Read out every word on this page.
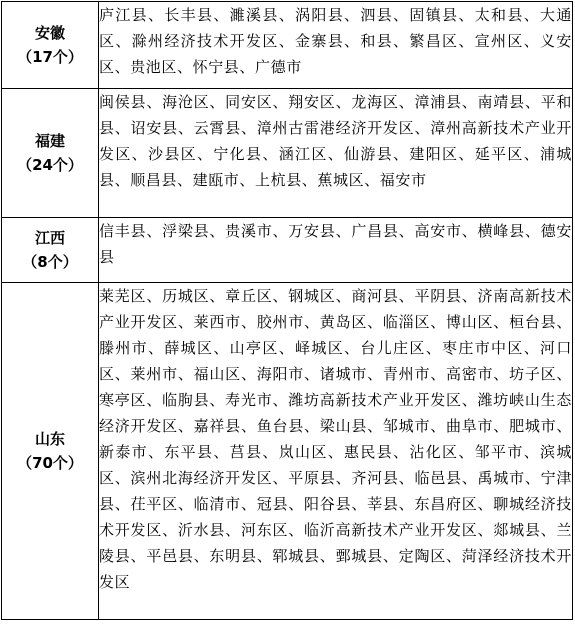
安徽
（17个）	庐江县、长丰县、濉溪县、涡阳县、泗县、固镇县、太和县、大通区、滁州经济技术开发区、金寨县、和县、繁昌区、宣州区、义安区、贵池区、怀宁县、广德市

福建
（24个）	闽侯县、海沧区、同安区、翔安区、龙海区、漳浦县、南靖县、平和县、诏安县、云霄县、漳州古雷港经济开发区、漳州高新技术产业开发区、沙县区、宁化县、涵江区、仙游县、建阳区、延平区、浦城县、顺昌县、建瓯市、上杭县、蕉城区、福安市

江西
（8个）	信丰县、浮梁县、贵溪市、万安县、广昌县、高安市、横峰县、德安县

山东
（70个）	莱芜区、历城区、章丘区、钢城区、商河县、平阴县、济南高新技术产业开发区、莱西市、胶州市、黄岛区、临淄区、博山区、桓台县、滕州市、薛城区、山亭区、峄城区、台儿庄区、枣庄市中区、河口区、莱州市、福山区、海阳市、诸城市、青州市、高密市、坊子区、寒亭区、临朐县、寿光市、潍坊高新技术产业开发区、潍坊峡山生态经济开发区、嘉祥县、鱼台县、梁山县、邹城市、曲阜市、肥城市、新泰市、东平县、莒县、岚山区、惠民县、沾化区、邹平市、滨城区、滨州北海经济开发区、平原县、齐河县、临邑县、禹城市、宁津县、茌平区、临清市、冠县、阳谷县、莘县、东昌府区、聊城经济技术开发区、沂水县、河东区、临沂高新技术产业开发区、郯城县、兰陵县、平邑县、东明县、郓城县、鄄城县、定陶区、菏泽经济技术开发区
